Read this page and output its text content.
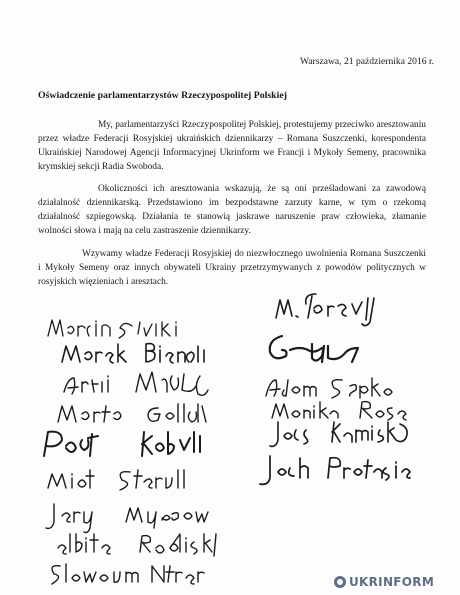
Warszawa, 21 października 2016 r.
Oświadczenie parlamentarzystów Rzeczypospolitej Polskiej
My, parlamentarzyści Rzeczypospolitej Polskiej, protestujemy przeciwko aresztowaniu przez władze Federacji Rosyjskiej ukraińskich dziennikarzy – Romana Suszczenki, korespondenta Ukraińskiej Narodowej Agencji Informacyjnej Ukrinform we Francji i Mykoły Semeny, pracownika krymskiej sekcji Radia Swoboda.
Okoliczności ich aresztowania wskazują, że są oni prześladowani za zawodową działalność dziennikarską. Przedstawiono im bezpodstawne zarzuty karne, w tym o rzekomą działalność szpiegowską. Działania te stanowią jaskrawe naruszenie praw człowieka, złamanie wolności słowa i mają na celu zastraszenie dziennikarzy.
Wzywamy władze Federacji Rosyjskiej do niezwłocznego uwolnienia Romana Suszczenki i Mykoły Semeny oraz innych obywateli Ukrainy przetrzymywanych z powodów politycznych w rosyjskich więzieniach i aresztach.
UKRINFORM
